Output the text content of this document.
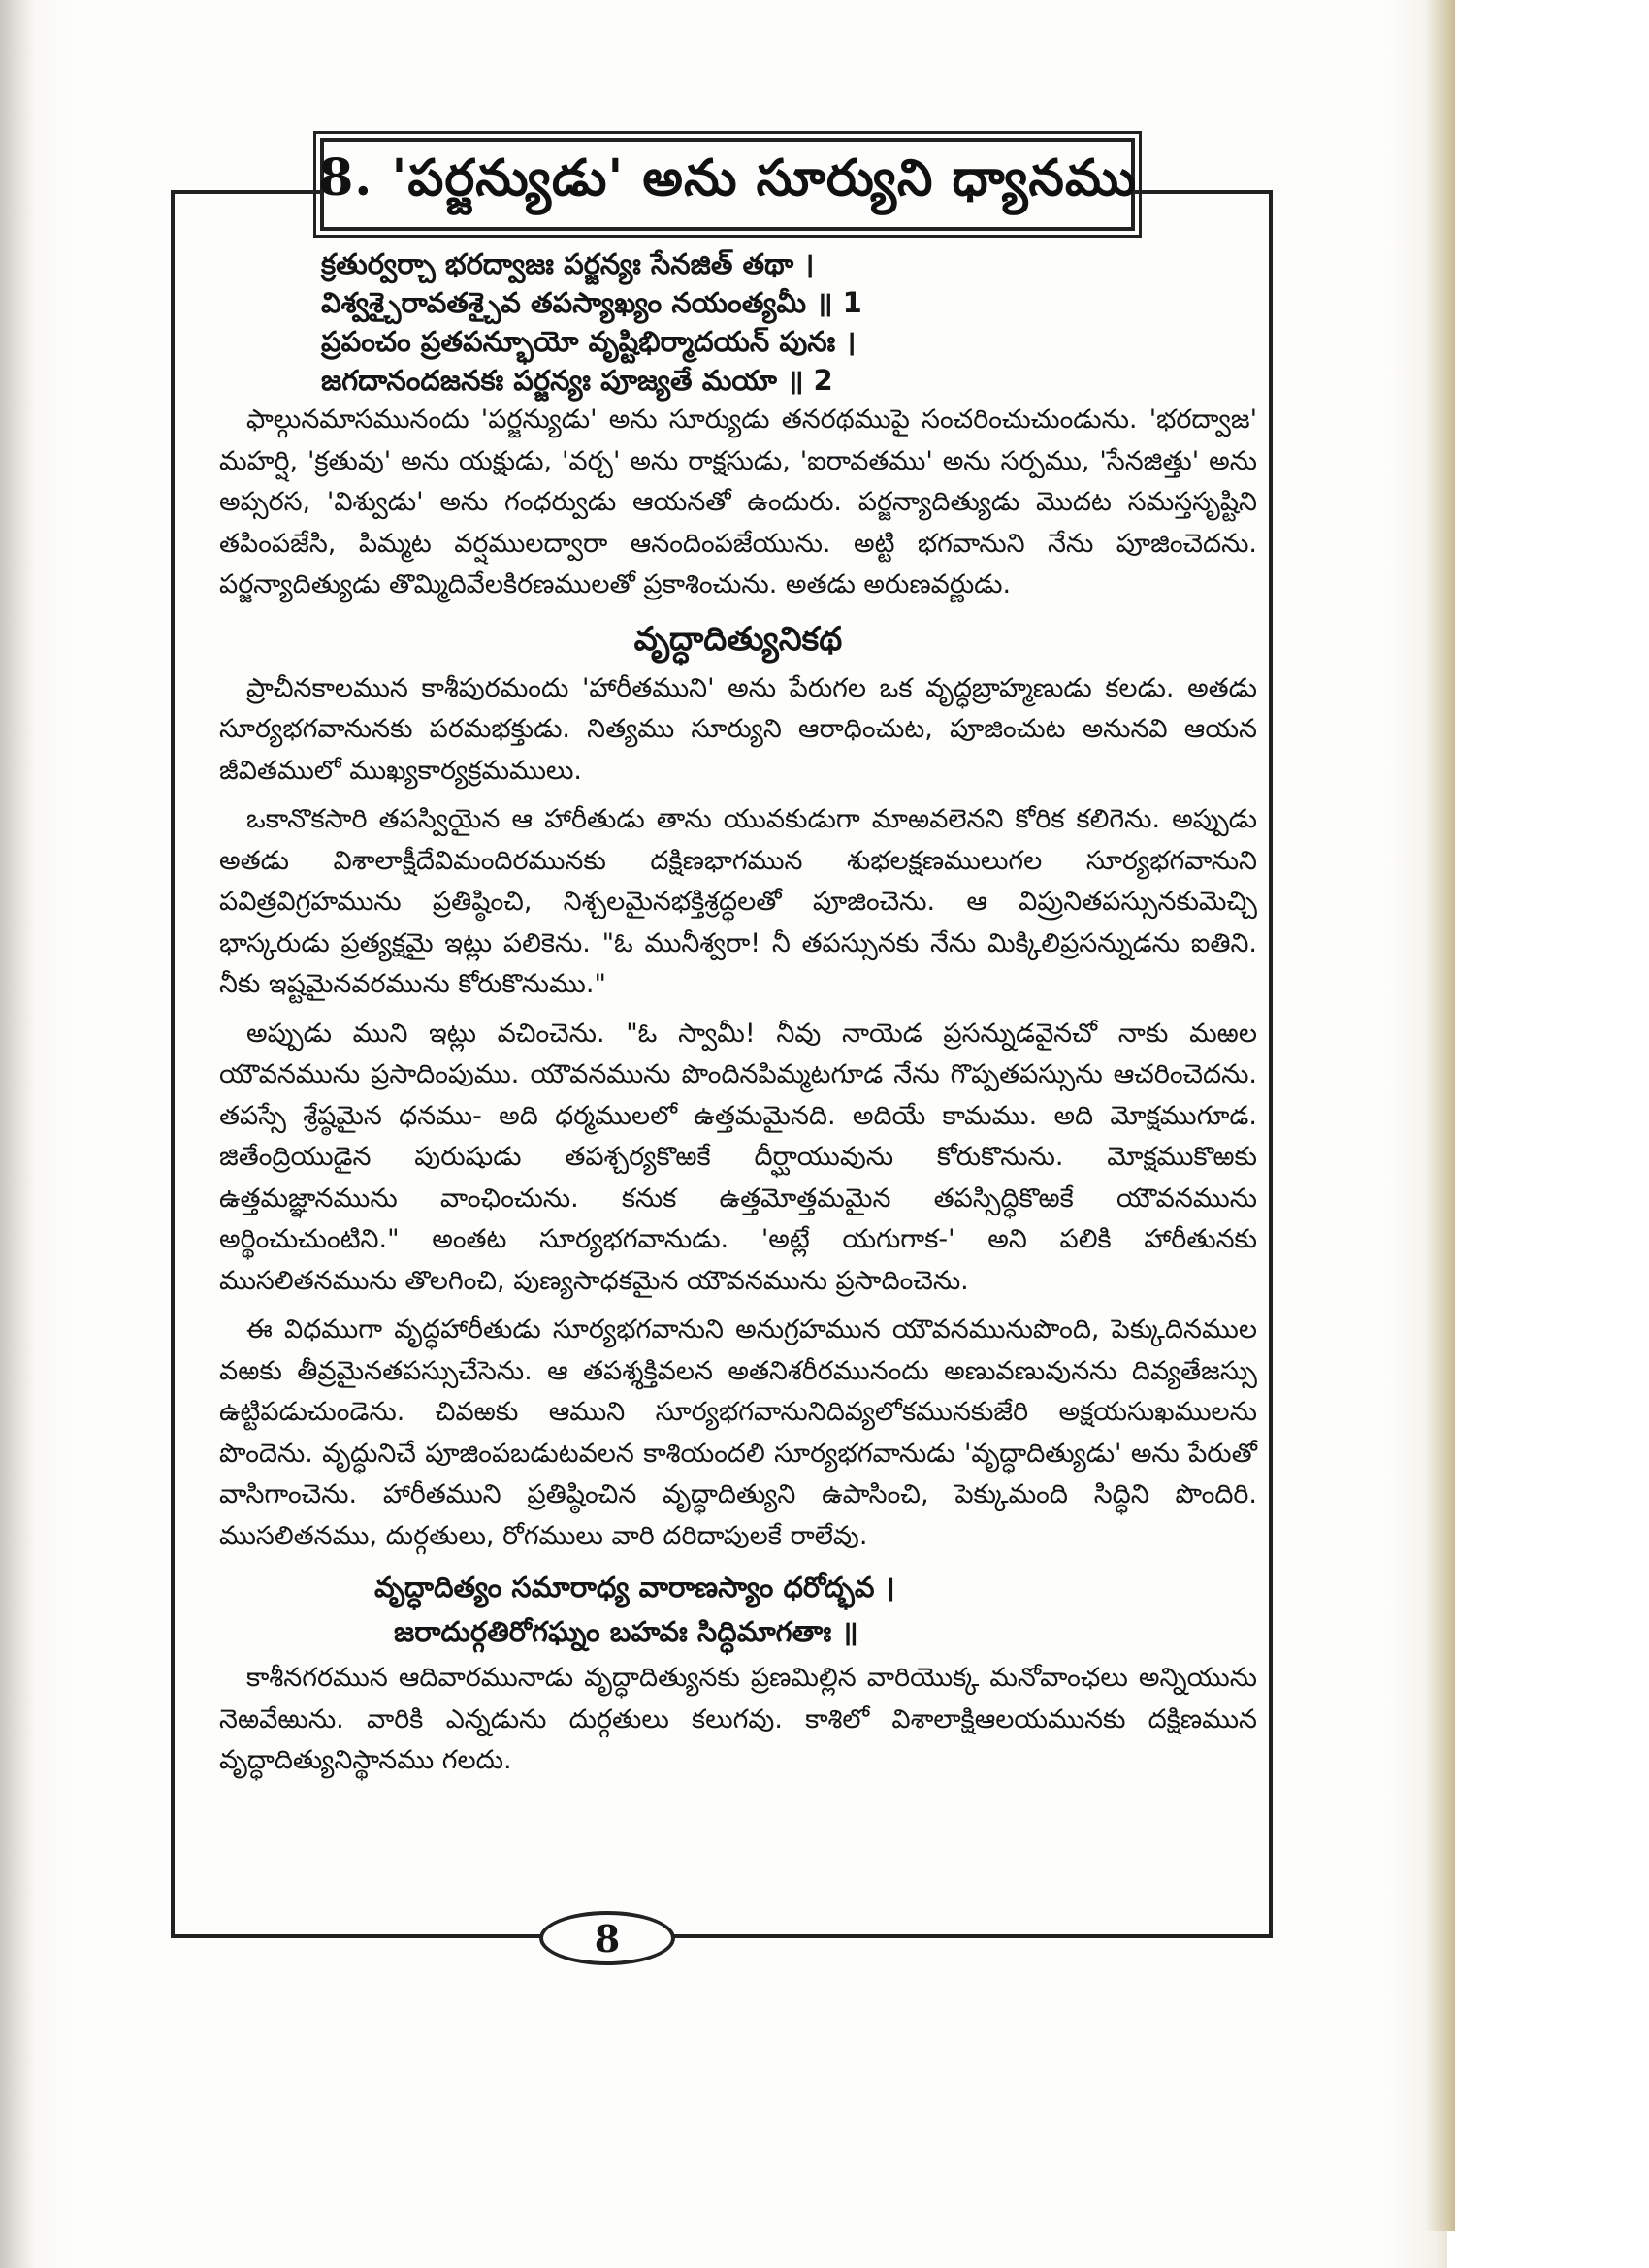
8. 'పర్జన్యుడు' అను సూర్యుని ధ్యానము
క్రతుర్వర్చా భరద్వాజః పర్జన్యః సేనజిత్ తథా ।
విశ్వశ్చైరావతశ్చైవ తపస్యాఖ్యం నయంత్యమీ ॥ 1
ప్రపంచం ప్రతపన్భూయో వృష్టిభిర్మాదయన్ పునః ।
జగదానందజనకః పర్జన్యః పూజ్యతే మయా ॥ 2

ఫాల్గునమాసమునందు 'పర్జన్యుడు' అను సూర్యుడు తనరథముపై సంచరించుచుండును. 'భరద్వాజ' మహర్షి, 'క్రతువు' అను యక్షుడు, 'వర్చ' అను రాక్షసుడు, 'ఐరావతము' అను సర్పము, 'సేనజిత్తు' అను అప్సరస, 'విశ్వుడు' అను గంధర్వుడు ఆయనతో ఉందురు. పర్జన్యాదిత్యుడు మొదట సమస్తసృష్టిని తపింపజేసి, పిమ్మట వర్షములద్వారా ఆనందింపజేయును. అట్టి భగవానుని నేను పూజించెదను. పర్జన్యాదిత్యుడు తొమ్మిదివేలకిరణములతో ప్రకాశించును. అతడు అరుణవర్ణుడు.

వృద్ధాదిత్యునికథ

ప్రాచీనకాలమున కాశీపురమందు 'హారీతముని' అను పేరుగల ఒక వృద్ధబ్రాహ్మణుడు కలడు. అతడు సూర్యభగవానునకు పరమభక్తుడు. నిత్యము సూర్యుని ఆరాధించుట, పూజించుట అనునవి ఆయన జీవితములో ముఖ్యకార్యక్రమములు.

ఒకానొకసారి తపస్వియైన ఆ హారీతుడు తాను యువకుడుగా మాఱవలెనని కోరిక కలిగెను. అప్పుడు అతడు విశాలాక్షీదేవిమందిరమునకు దక్షిణభాగమున శుభలక్షణములుగల సూర్యభగవానుని పవిత్రవిగ్రహమును ప్రతిష్ఠించి, నిశ్చలమైనభక్తిశ్రద్ధలతో పూజించెను. ఆ విప్రునితపస్సునకుమెచ్చి భాస్కరుడు ప్రత్యక్షమై ఇట్లు పలికెను. "ఓ మునీశ్వరా! నీ తపస్సునకు నేను మిక్కిలిప్రసన్నుడను ఐతిని. నీకు ఇష్టమైనవరమును కోరుకొనుము."

అప్పుడు ముని ఇట్లు వచించెను. "ఓ స్వామీ! నీవు నాయెడ ప్రసన్నుడవైనచో నాకు మఱల యౌవనమును ప్రసాదింపుము. యౌవనమును పొందినపిమ్మటగూడ నేను గొప్పతపస్సును ఆచరించెదను. తపస్సే శ్రేష్ఠమైన ధనము- అది ధర్మములలో ఉత్తమమైనది. అదియే కామము. అది మోక్షముగూడ. జితేంద్రియుడైన పురుషుడు తపశ్చర్యకొఱకే దీర్ఘాయువును కోరుకొనును. మోక్షముకొఱకు ఉత్తమజ్ఞానమును వాంఛించును. కనుక ఉత్తమోత్తమమైన తపస్సిద్ధికొఱకే యౌవనమును అర్థించుచుంటిని." అంతట సూర్యభగవానుడు. 'అట్లే యగుగాక-' అని పలికి హారీతునకు ముసలితనమును తొలగించి, పుణ్యసాధకమైన యౌవనమును ప్రసాదించెను.

ఈ విధముగా వృద్ధహారీతుడు సూర్యభగవానుని అనుగ్రహమున యౌవనమునుపొంది, పెక్కుదినముల వఱకు తీవ్రమైనతపస్సుచేసెను. ఆ తపశ్శక్తివలన అతనిశరీరమునందు అణువణువునను దివ్యతేజస్సు ఉట్టిపడుచుండెను. చివఱకు ఆముని సూర్యభగవానునిదివ్యలోకమునకుజేరి అక్షయసుఖములను పొందెను. వృద్ధునిచే పూజింపబడుటవలన కాశియందలి సూర్యభగవానుడు 'వృద్ధాదిత్యుడు' అను పేరుతో వాసిగాంచెను. హారీతముని ప్రతిష్ఠించిన వృద్ధాదిత్యుని ఉపాసించి, పెక్కుమంది సిద్ధిని పొందిరి. ముసలితనము, దుర్గతులు, రోగములు వారి దరిదాపులకే రాలేవు.

వృద్ధాదిత్యం సమారాధ్య వారాణస్యాం ధరోద్భవ ।
జరాదుర్గతిరోగఘ్నం బహవః సిద్ధిమాగతాః ॥

కాశీనగరమున ఆదివారమునాడు వృద్ధాదిత్యునకు ప్రణమిల్లిన వారియొక్క మనోవాంఛలు అన్నియును నెఱవేఱును. వారికి ఎన్నడును దుర్గతులు కలుగవు. కాశిలో విశాలాక్షిఆలయమునకు దక్షిణమున వృద్ధాదిత్యునిస్థానము గలదు.

8
